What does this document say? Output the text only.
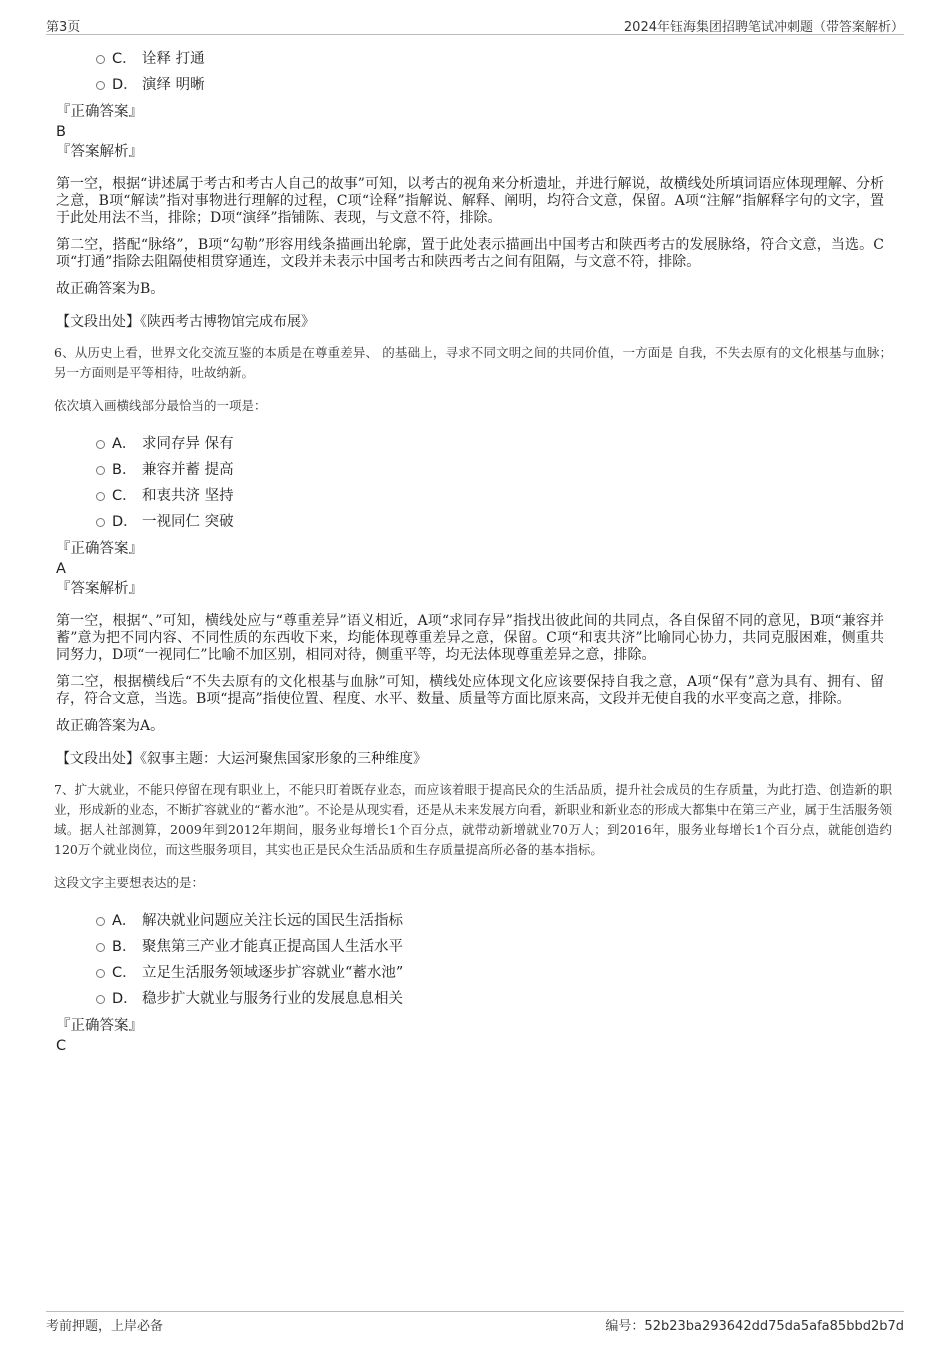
第3页	2024年钰海集团招聘笔试冲刺题（带答案解析）
C． 诠释 打通
D． 演绎 明晰
『正确答案』
B
『答案解析』
第一空，根据“讲述属于考古和考古人自己的故事”可知，以考古的视角来分析遗址，并进行解说，故横线处所填词语应体现理解、分析之意，B项“解读”指对事物进行理解的过程，C项“诠释”指解说、解释、阐明，均符合文意，保留。A项“注解”指解释字句的文字，置于此处用法不当，排除；D项“演绎”指铺陈、表现，与文意不符，排除。
第二空，搭配“脉络”，B项“勾勒”形容用线条描画出轮廓，置于此处表示描画出中国考古和陕西考古的发展脉络，符合文意，当选。C项“打通”指除去阻隔使相贯穿通连，文段并未表示中国考古和陕西考古之间有阻隔，与文意不符，排除。
故正确答案为B。
【文段出处】《陕西考古博物馆完成布展》
6、从历史上看，世界文化交流互鉴的本质是在尊重差异、 的基础上，寻求不同文明之间的共同价值，一方面是 自我，不失去原有的文化根基与血脉；另一方面则是平等相待，吐故纳新。
依次填入画横线部分最恰当的一项是：
A． 求同存异 保有
B． 兼容并蓄 提高
C． 和衷共济 坚持
D． 一视同仁 突破
『正确答案』
A
『答案解析』
第一空，根据“、”可知，横线处应与“尊重差异”语义相近，A项“求同存异”指找出彼此间的共同点，各自保留不同的意见，B项“兼容并蓄”意为把不同内容、不同性质的东西收下来，均能体现尊重差异之意，保留。C项“和衷共济”比喻同心协力，共同克服困难，侧重共同努力，D项“一视同仁”比喻不加区别，相同对待，侧重平等，均无法体现尊重差异之意，排除。
第二空，根据横线后“不失去原有的文化根基与血脉”可知，横线处应体现文化应该要保持自我之意，A项“保有”意为具有、拥有、留存，符合文意，当选。B项“提高”指使位置、程度、水平、数量、质量等方面比原来高，文段并无使自我的水平变高之意，排除。
故正确答案为A。
【文段出处】《叙事主题：大运河聚焦国家形象的三种维度》
7、扩大就业，不能只停留在现有职业上，不能只盯着既存业态，而应该着眼于提高民众的生活品质，提升社会成员的生存质量，为此打造、创造新的职业，形成新的业态，不断扩容就业的“蓄水池”。不论是从现实看，还是从未来发展方向看，新职业和新业态的形成大都集中在第三产业，属于生活服务领域。据人社部测算，2009年到2012年期间，服务业每增长1个百分点，就带动新增就业70万人；到2016年，服务业每增长1个百分点，就能创造约120万个就业岗位，而这些服务项目，其实也正是民众生活品质和生存质量提高所必备的基本指标。
这段文字主要想表达的是：
A． 解决就业问题应关注长远的国民生活指标
B． 聚焦第三产业才能真正提高国人生活水平
C． 立足生活服务领域逐步扩容就业“蓄水池”
D． 稳步扩大就业与服务行业的发展息息相关
『正确答案』
C
考前押题，上岸必备	编号：52b23ba293642dd75da5afa85bbd2b7d
